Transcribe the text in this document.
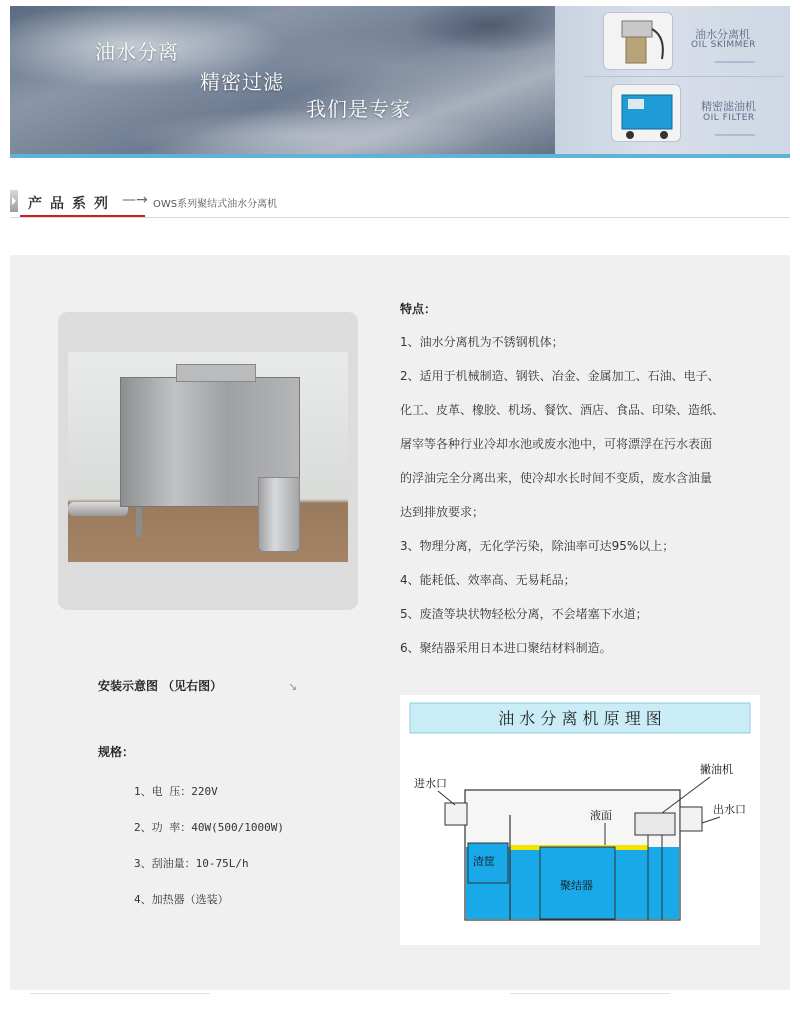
油水分离
精密过滤
我们是专家
油水分离机
OIL SKIMMER
精密滤油机
OIL FILTER
产品系列 —→ OWS系列聚结式油水分离机
特点：
1、油水分离机为不锈钢机体；
2、适用于机械制造、钢铁、冶金、金属加工、石油、电子、
化工、皮革、橡胶、机场、餐饮、酒店、食品、印染、造纸、
屠宰等各种行业冷却水池或废水池中，可将漂浮在污水表面
的浮油完全分离出来，使冷却水长时间不变质，废水含油量
达到排放要求；
3、物理分离，无化学污染，除油率可达95%以上；
4、能耗低、效率高、无易耗品；
5、废渣等块状物轻松分离，不会堵塞下水道；
6、聚结器采用日本进口聚结材料制造。
安装示意图 （见右图）	↘
规格：
1、电 压：220V
2、功 率：40W(500/1000W)
3、刮油量：10-75L/h
4、加热器（选装）
油 水 分 离 机 原 理 图
进水口
撇油机
出水口
液面
渣筐
聚结器
